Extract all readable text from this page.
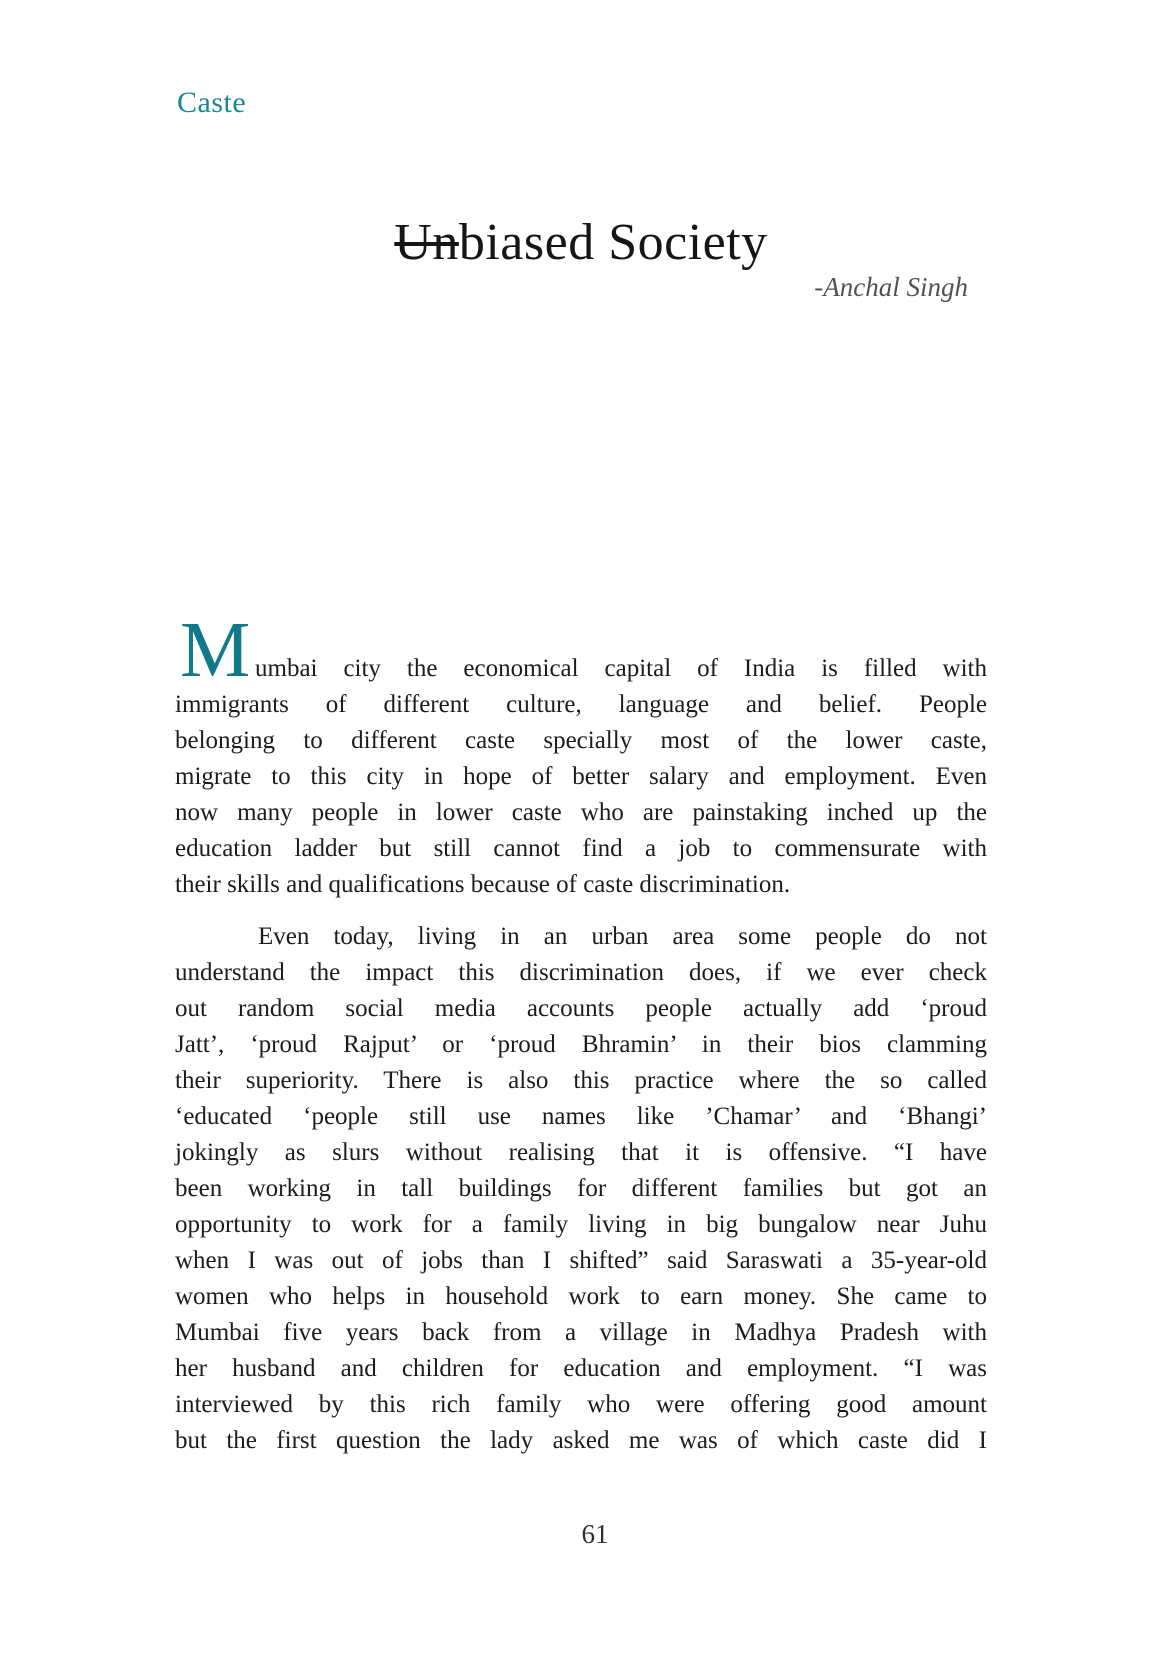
Caste
Unbiased Society
-Anchal Singh
M umbai city the economical capital of India is filled with
immigrants of different culture, language and belief. People
belonging to different caste specially most of the lower caste,
migrate to this city in hope of better salary and employment. Even
now many people in lower caste who are painstaking inched up the
education ladder but still cannot find a job to commensurate with
their skills and qualifications because of caste discrimination.
Even today, living in an urban area some people do not
understand the impact this discrimination does, if we ever check
out random social media accounts people actually add ‘proud
Jatt’, ‘proud Rajput’ or ‘proud Bhramin’ in their bios clamming
their superiority. There is also this practice where the so called
‘educated ‘people still use names like ’Chamar’ and ‘Bhangi’
jokingly as slurs without realising that it is offensive. “I have
been working in tall buildings for different families but got an
opportunity to work for a family living in big bungalow near Juhu
when I was out of jobs than I shifted” said Saraswati a 35-year-old
women who helps in household work to earn money. She came to
Mumbai five years back from a village in Madhya Pradesh with
her husband and children for education and employment. “I was
interviewed by this rich family who were offering good amount
but the first question the lady asked me was of which caste did I
61
